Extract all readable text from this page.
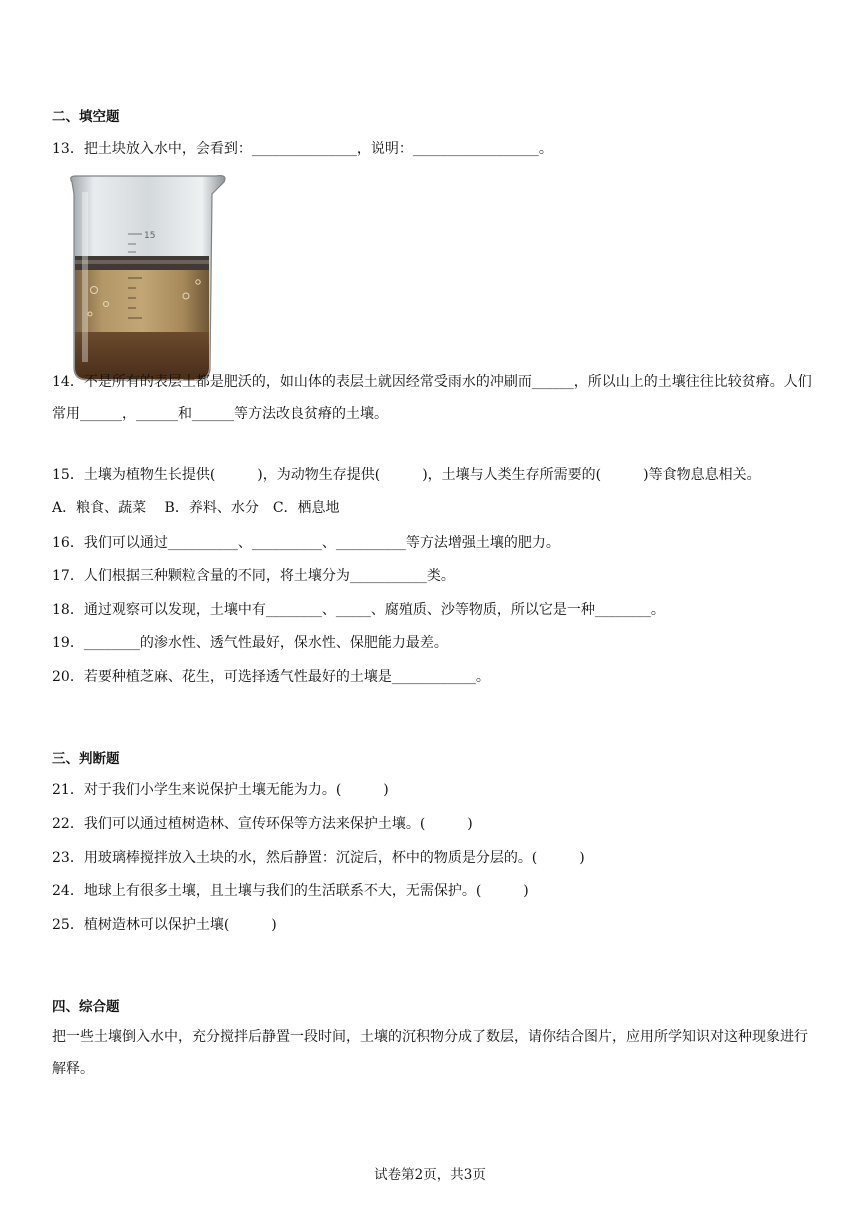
二、填空题
13．把土块放入水中，会看到：_______________，说明：__________________。
15
14．不是所有的表层土都是肥沃的，如山体的表层土就因经常受雨水的冲刷而______，所以山上的土壤往往比较贫瘠。人们常用______，______和______等方法改良贫瘠的土壤。
15．土壤为植物生长提供(　　　)，为动物生存提供(　　　)，土壤与人类生存所需要的(　　　)等食物息息相关。
A．粮食、蔬菜　 B．养料、水分　C．栖息地
16．我们可以通过__________、__________、__________等方法增强土壤的肥力。
17．人们根据三种颗粒含量的不同，将土壤分为___________类。
18．通过观察可以发现，土壤中有________、_____、腐殖质、沙等物质，所以它是一种________。
19．________的渗水性、透气性最好，保水性、保肥能力最差。
20．若要种植芝麻、花生，可选择透气性最好的土壤是____________。
三、判断题
21．对于我们小学生来说保护土壤无能为力。(　　　)
22．我们可以通过植树造林、宣传环保等方法来保护土壤。(　　　)
23．用玻璃棒搅拌放入土块的水，然后静置：沉淀后，杯中的物质是分层的。(　　　)
24．地球上有很多土壤，且土壤与我们的生活联系不大，无需保护。(　　　)
25．植树造林可以保护土壤(　　　)
四、综合题
把一些土壤倒入水中，充分搅拌后静置一段时间，土壤的沉积物分成了数层，请你结合图片，应用所学知识对这种现象进行解释。
试卷第2页，共3页
